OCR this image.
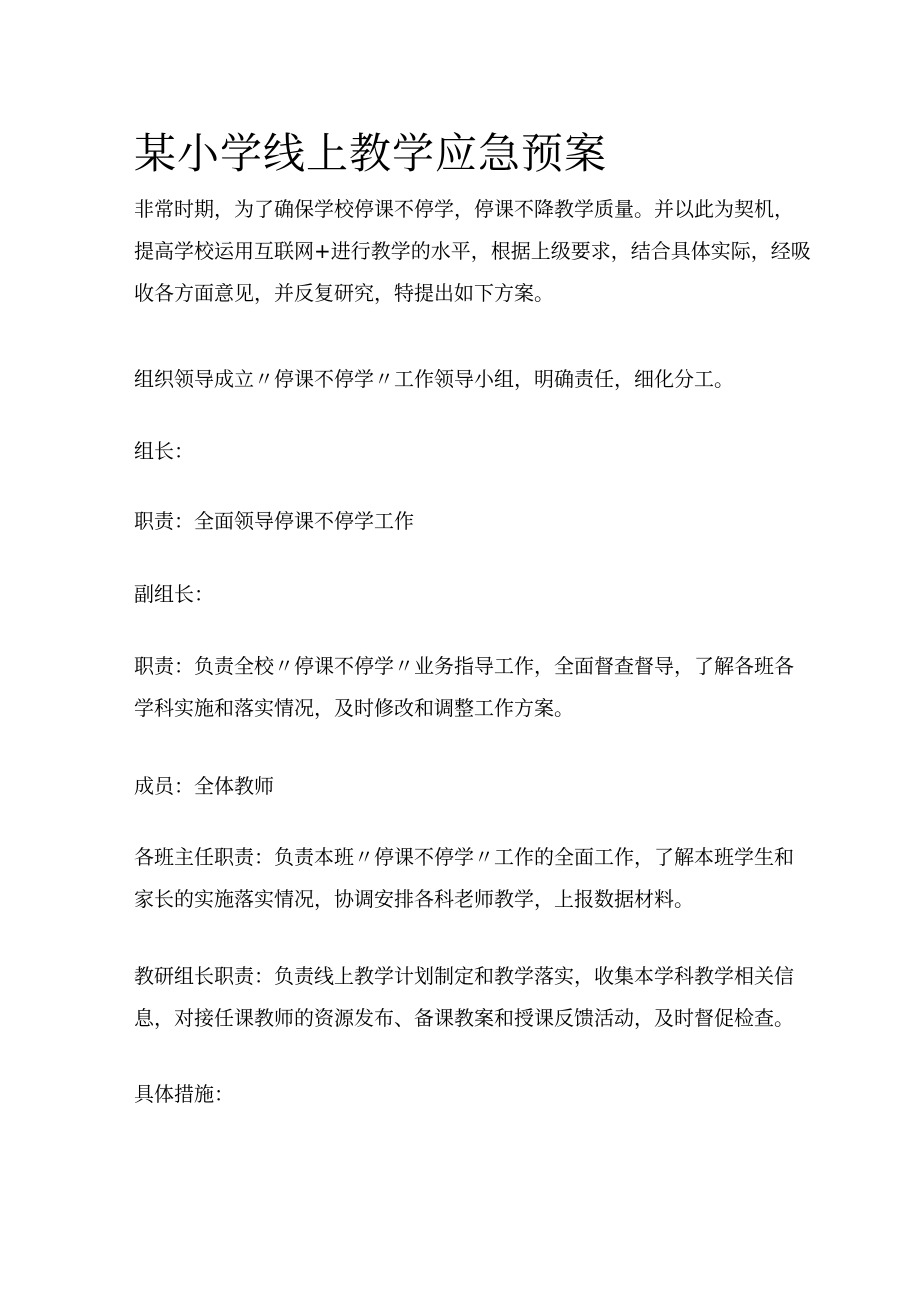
某小学线上教学应急预案

非常时期，为了确保学校停课不停学，停课不降教学质量。并以此为契机，
提高学校运用互联网+进行教学的水平，根据上级要求，结合具体实际，经吸
收各方面意见，并反复研究，特提出如下方案。

组织领导成立〃停课不停学〃工作领导小组，明确责任，细化分工。

组长：

职责：全面领导停课不停学工作

副组长：

职责：负责全校〃停课不停学〃业务指导工作，全面督查督导，了解各班各
学科实施和落实情况，及时修改和调整工作方案。

成员：全体教师

各班主任职责：负责本班〃停课不停学〃工作的全面工作，了解本班学生和
家长的实施落实情况，协调安排各科老师教学，上报数据材料。

教研组长职责：负责线上教学计划制定和教学落实，收集本学科教学相关信
息，对接任课教师的资源发布、备课教案和授课反馈活动，及时督促检查。

具体措施：
